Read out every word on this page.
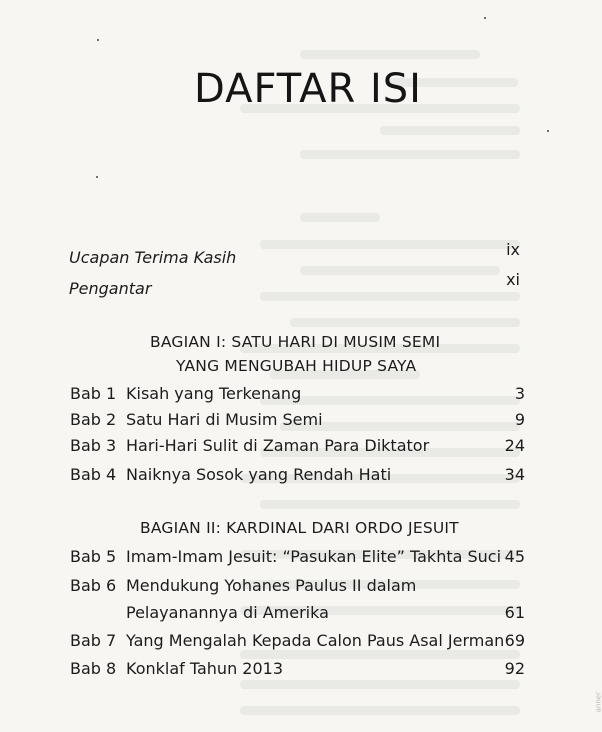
DAFTAR ISI
Ucapan Terima Kasih	ix
Pengantar	xi
BAGIAN I: SATU HARI DI MUSIM SEMI
YANG MENGUBAH HIDUP SAYA
Bab 1 Kisah yang Terkenang	3
Bab 2 Satu Hari di Musim Semi	9
Bab 3 Hari-Hari Sulit di Zaman Para Diktator	24
Bab 4 Naiknya Sosok yang Rendah Hati	34
BAGIAN II: KARDINAL DARI ORDO JESUIT
Bab 5 Imam-Imam Jesuit: “Pasukan Elite” Takhta Suci 45
Bab 6 Mendukung Yohanes Paulus II dalam
Pelayanannya di Amerika	61
Bab 7 Yang Mengalah Kepada Calon Paus Asal Jerman 69
Bab 8 Konklaf Tahun 2013	92
anner
